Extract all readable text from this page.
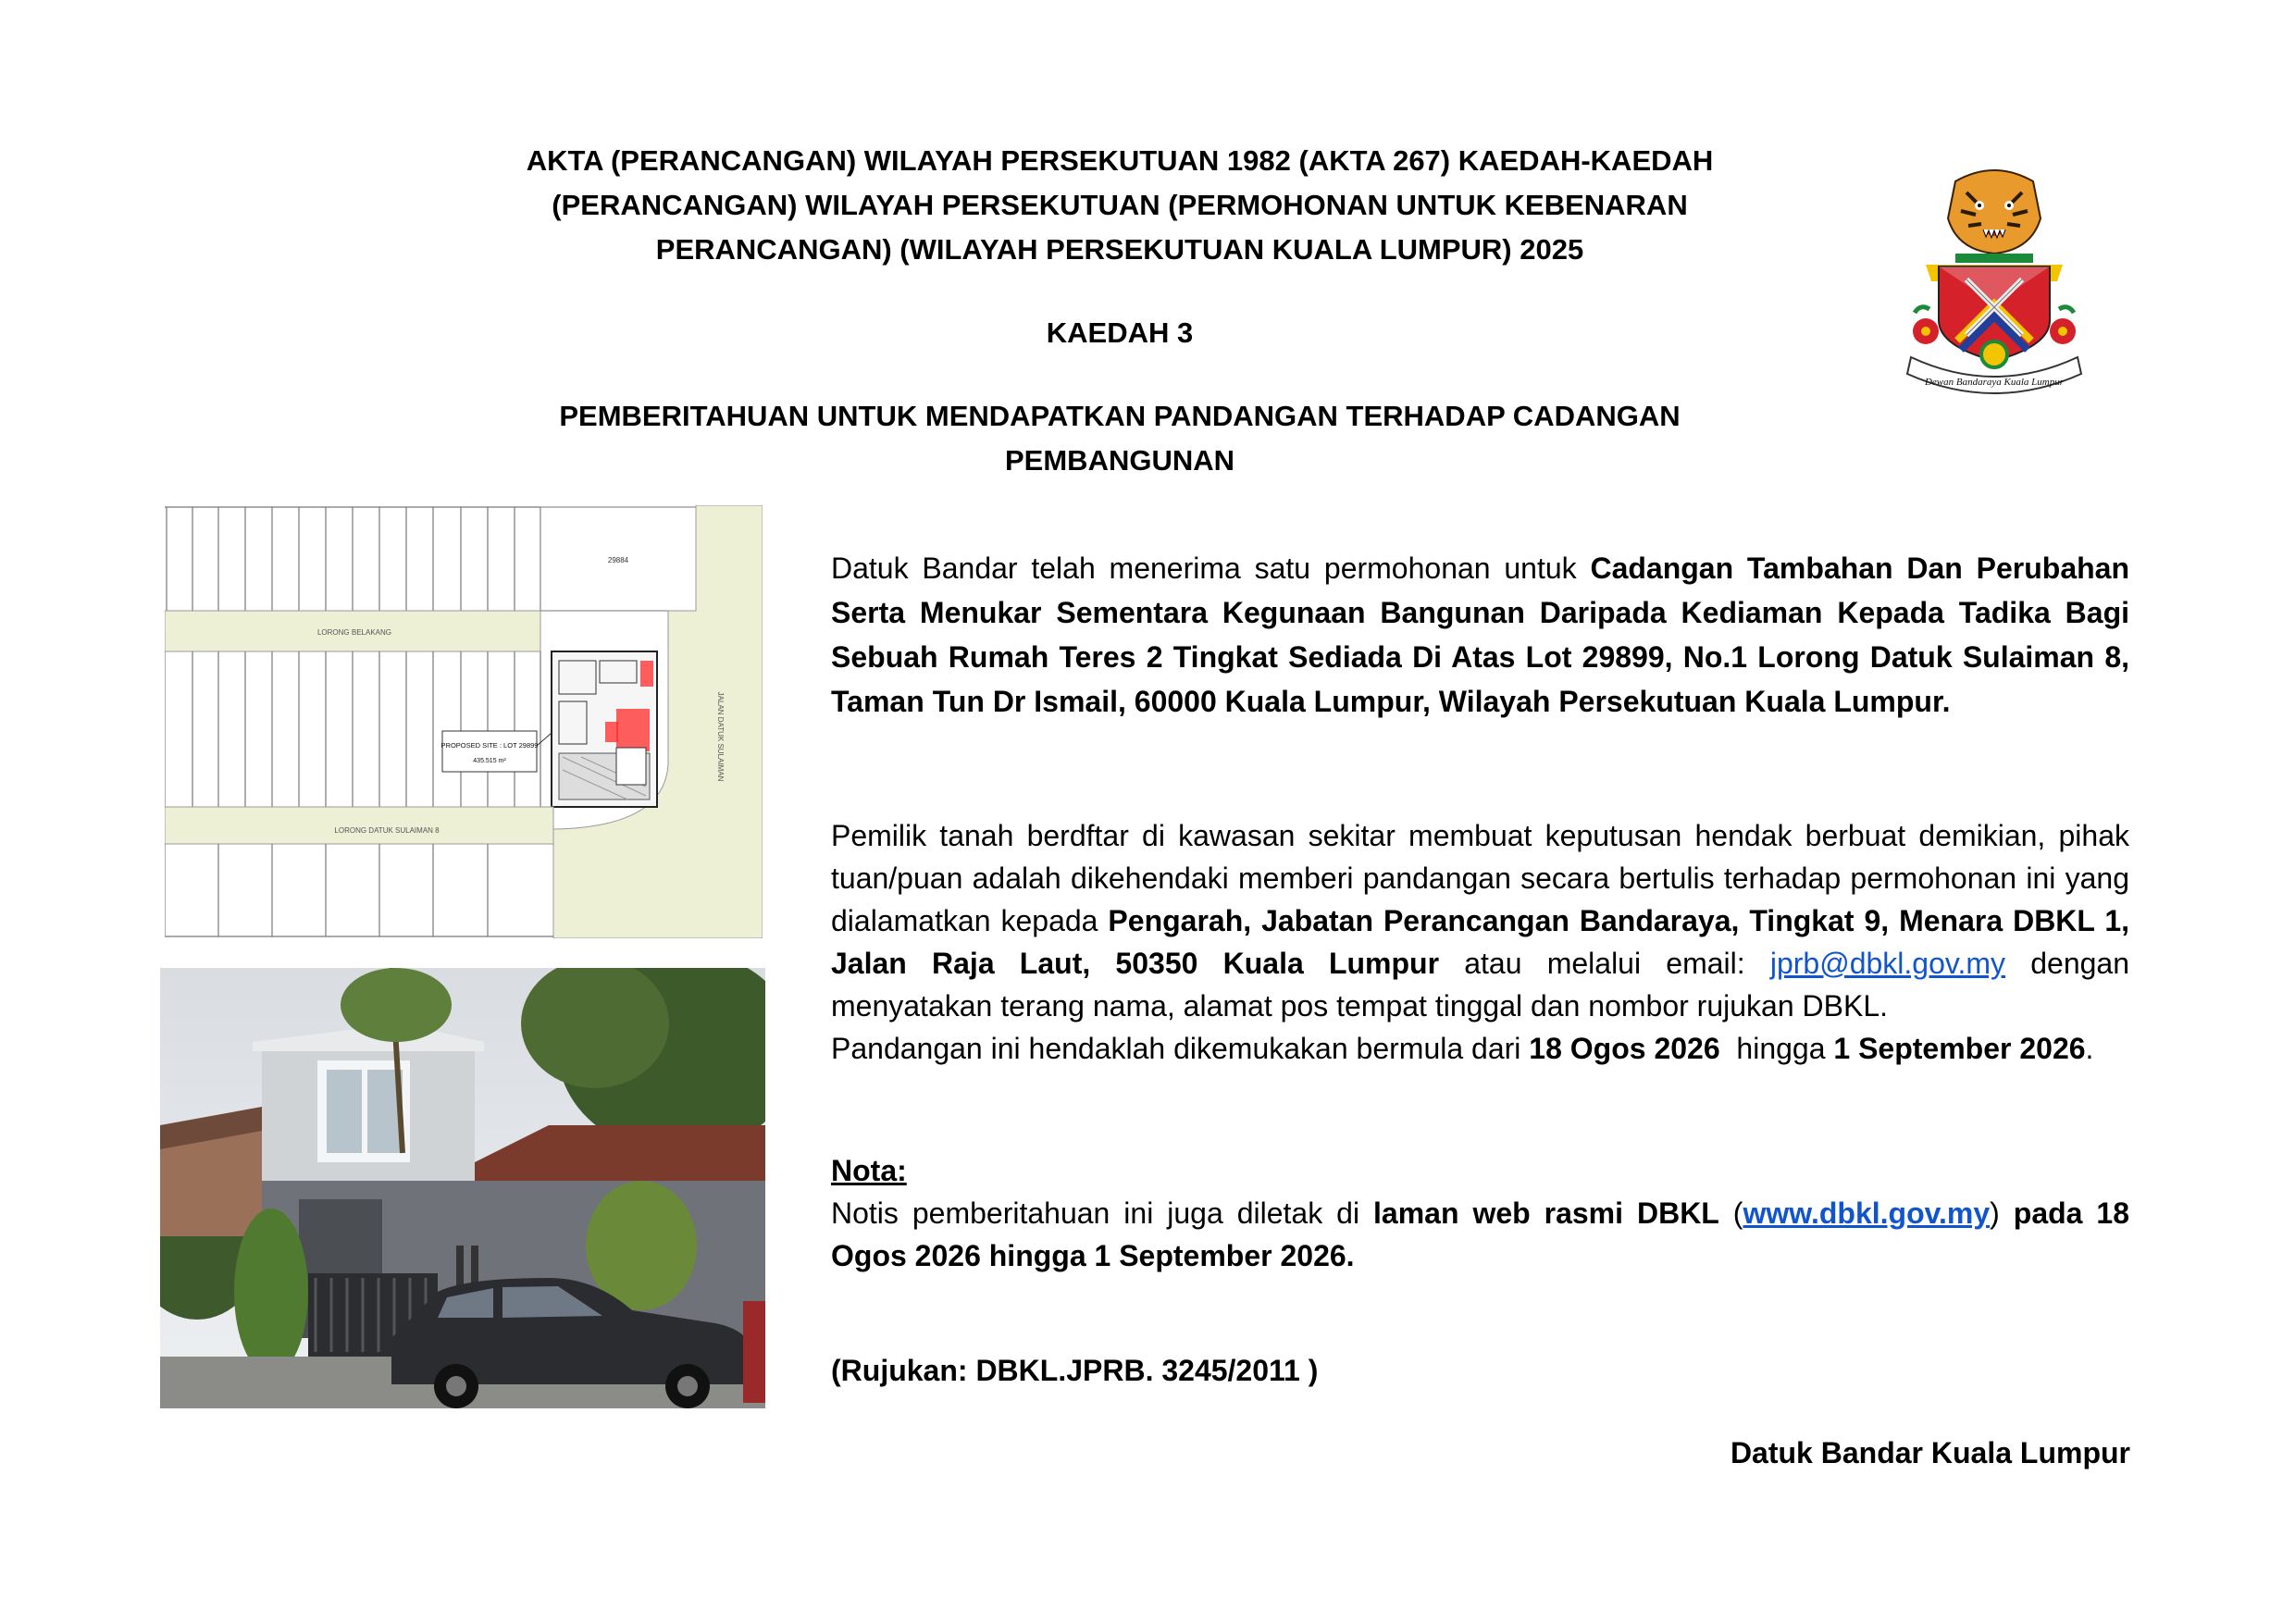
AKTA (PERANCANGAN) WILAYAH PERSEKUTUAN 1982 (AKTA 267) KAEDAH-KAEDAH (PERANCANGAN) WILAYAH PERSEKUTUAN (PERMOHONAN UNTUK KEBENARAN PERANCANGAN) (WILAYAH PERSEKUTUAN KUALA LUMPUR) 2025
KAEDAH 3
PEMBERITAHUAN UNTUK MENDAPATKAN PANDANGAN TERHADAP CADANGAN PEMBANGUNAN
Dewan Bandaraya Kuala Lumpur
29884
LORONG BELAKANG
JALAN DATUK SULAIMAN
PROPOSED SITE : LOT 29899
435.515 m²
LORONG DATUK SULAIMAN 8

Datuk Bandar telah menerima satu permohonan untuk Cadangan Tambahan Dan Perubahan Serta Menukar Sementara Kegunaan Bangunan Daripada Kediaman Kepada Tadika Bagi Sebuah Rumah Teres 2 Tingkat Sediada Di Atas Lot 29899, No.1 Lorong Datuk Sulaiman 8, Taman Tun Dr Ismail, 60000 Kuala Lumpur, Wilayah Persekutuan Kuala Lumpur.

Pemilik tanah berdftar di kawasan sekitar membuat keputusan hendak berbuat demikian, pihak tuan/puan adalah dikehendaki memberi pandangan secara bertulis terhadap permohonan ini yang dialamatkan kepada Pengarah, Jabatan Perancangan Bandaraya, Tingkat 9, Menara DBKL 1, Jalan Raja Laut, 50350 Kuala Lumpur atau melalui email: jprb@dbkl.gov.my dengan menyatakan terang nama, alamat pos tempat tinggal dan nombor rujukan DBKL.

Pandangan ini hendaklah dikemukakan bermula dari 18 Ogos 2026  hingga 1 September 2026.

Nota:

Notis pemberitahuan ini juga diletak di laman web rasmi DBKL (www.dbkl.gov.my) pada 18 Ogos 2026 hingga 1 September 2026.

(Rujukan: DBKL.JPRB. 3245/2011 )

Datuk Bandar Kuala Lumpur
